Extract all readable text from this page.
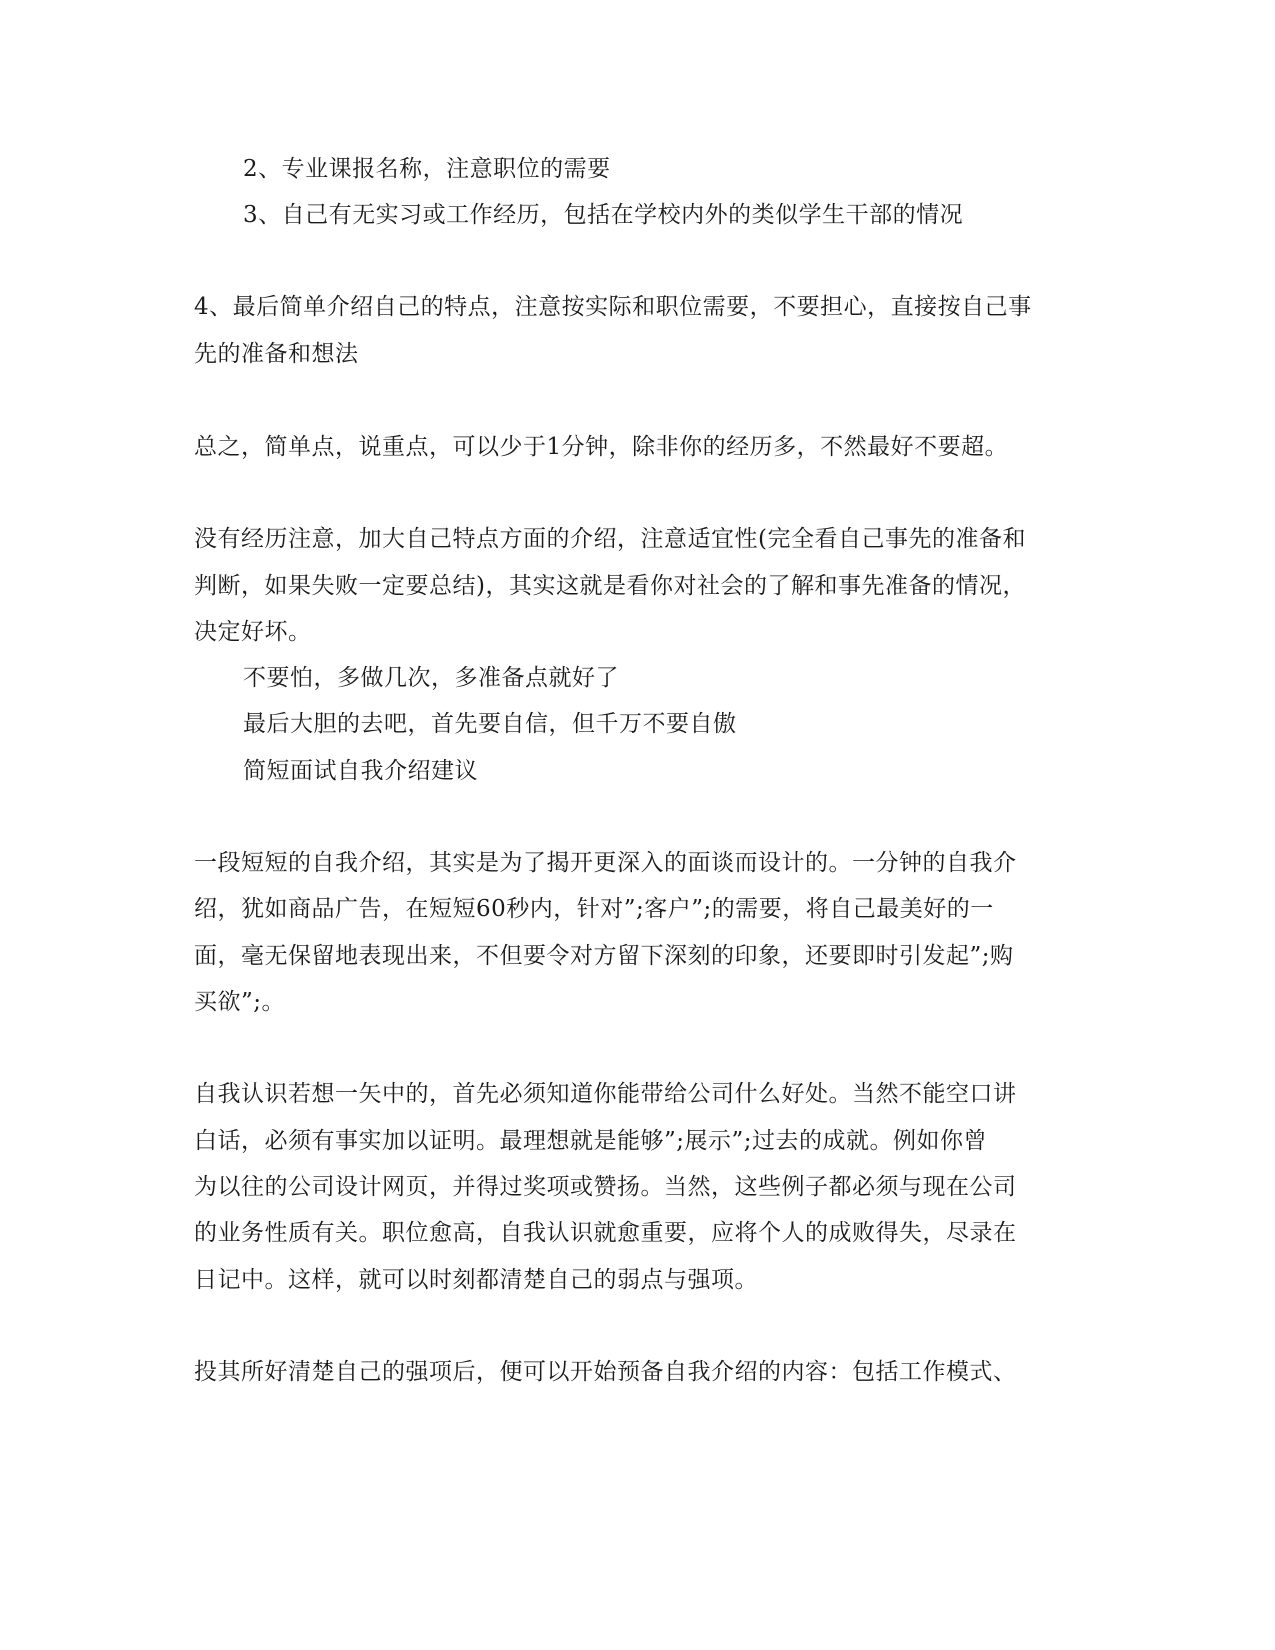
2、专业课报名称，注意职位的需要
3、自己有无实习或工作经历，包括在学校内外的类似学生干部的情况
4、最后简单介绍自己的特点，注意按实际和职位需要，不要担心，直接按自己事
先的准备和想法
总之，简单点，说重点，可以少于1分钟，除非你的经历多，不然最好不要超。
没有经历注意，加大自己特点方面的介绍，注意适宜性(完全看自己事先的准备和
判断，如果失败一定要总结)，其实这就是看你对社会的了解和事先准备的情况，
决定好坏。
不要怕，多做几次，多准备点就好了
最后大胆的去吧，首先要自信，但千万不要自傲
简短面试自我介绍建议
一段短短的自我介绍，其实是为了揭开更深入的面谈而设计的。一分钟的自我介
绍，犹如商品广告，在短短60秒内，针对”;客户”;的需要，将自己最美好的一
面，毫无保留地表现出来，不但要令对方留下深刻的印象，还要即时引发起”;购
买欲”;。
自我认识若想一矢中的，首先必须知道你能带给公司什么好处。当然不能空口讲
白话，必须有事实加以证明。最理想就是能够”;展示”;过去的成就。例如你曾
为以往的公司设计网页，并得过奖项或赞扬。当然，这些例子都必须与现在公司
的业务性质有关。职位愈高，自我认识就愈重要，应将个人的成败得失，尽录在
日记中。这样，就可以时刻都清楚自己的弱点与强项。
投其所好清楚自己的强项后，便可以开始预备自我介绍的内容：包括工作模式、
